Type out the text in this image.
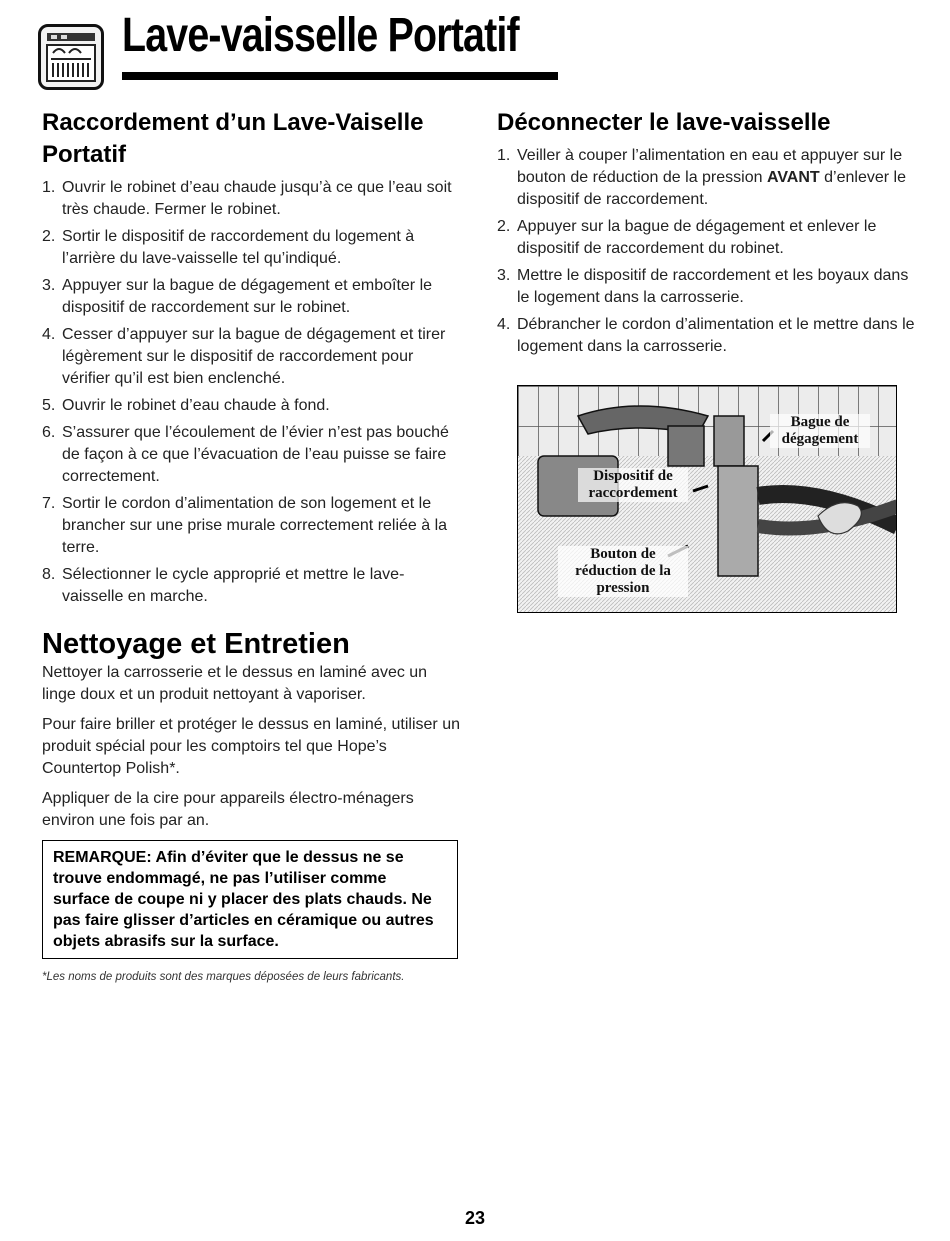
Lave-vaisselle Portatif
Raccordement d’un Lave-Vaiselle Portatif
1. Ouvrir le robinet d’eau chaude jusqu’à ce que l’eau soit très chaude. Fermer le robinet.
2. Sortir le dispositif de raccordement du logement à l’arrière du lave-vaisselle tel qu’indiqué.
3. Appuyer sur la bague de dégagement et emboîter le dispositif de raccordement sur le robinet.
4. Cesser d’appuyer sur la bague de dégagement et tirer légèrement sur le dispositif de raccordement pour vérifier qu’il est bien enclenché.
5. Ouvrir le robinet d’eau chaude à fond.
6. S’assurer que l’écoulement de l’évier n’est pas bouché de façon à ce que l’évacuation de l’eau puisse se faire correctement.
7. Sortir le cordon d’alimentation de son logement et le brancher sur une prise murale correctement reliée à la terre.
8. Sélectionner le cycle approprié et mettre le lave-vaisselle en marche.
Nettoyage et Entretien

Nettoyer la carrosserie et le dessus en laminé avec un linge doux et un produit nettoyant à vaporiser.

Pour faire briller et protéger le dessus en laminé, utiliser un produit spécial pour les comptoirs tel que Hope’s Countertop Polish*.

Appliquer de la cire pour appareils électro-ménagers environ une fois par an.

REMARQUE: Afin d’éviter que le dessus ne se trouve endommagé, ne pas l’utiliser comme surface de coupe ni y placer des plats chauds. Ne pas faire glisser d’articles en céramique ou autres objets abrasifs sur la surface.
*Les noms de produits sont des marques déposées de leurs fabricants.
Déconnecter le lave-vaisselle
1. Veiller à couper l’alimentation en eau et appuyer sur le bouton de réduction de la pression AVANT d’enlever le dispositif de raccordement.
2. Appuyer sur la bague de dégagement et enlever le dispositif de raccordement du robinet.
3. Mettre le dispositif de raccordement et les boyaux dans le logement dans la carrosserie.
4. Débrancher le cordon d’alimentation et le mettre dans le logement dans la carrosserie.
Bague de dégagement
Dispositif de raccordement
Bouton de réduction de la pression
23
